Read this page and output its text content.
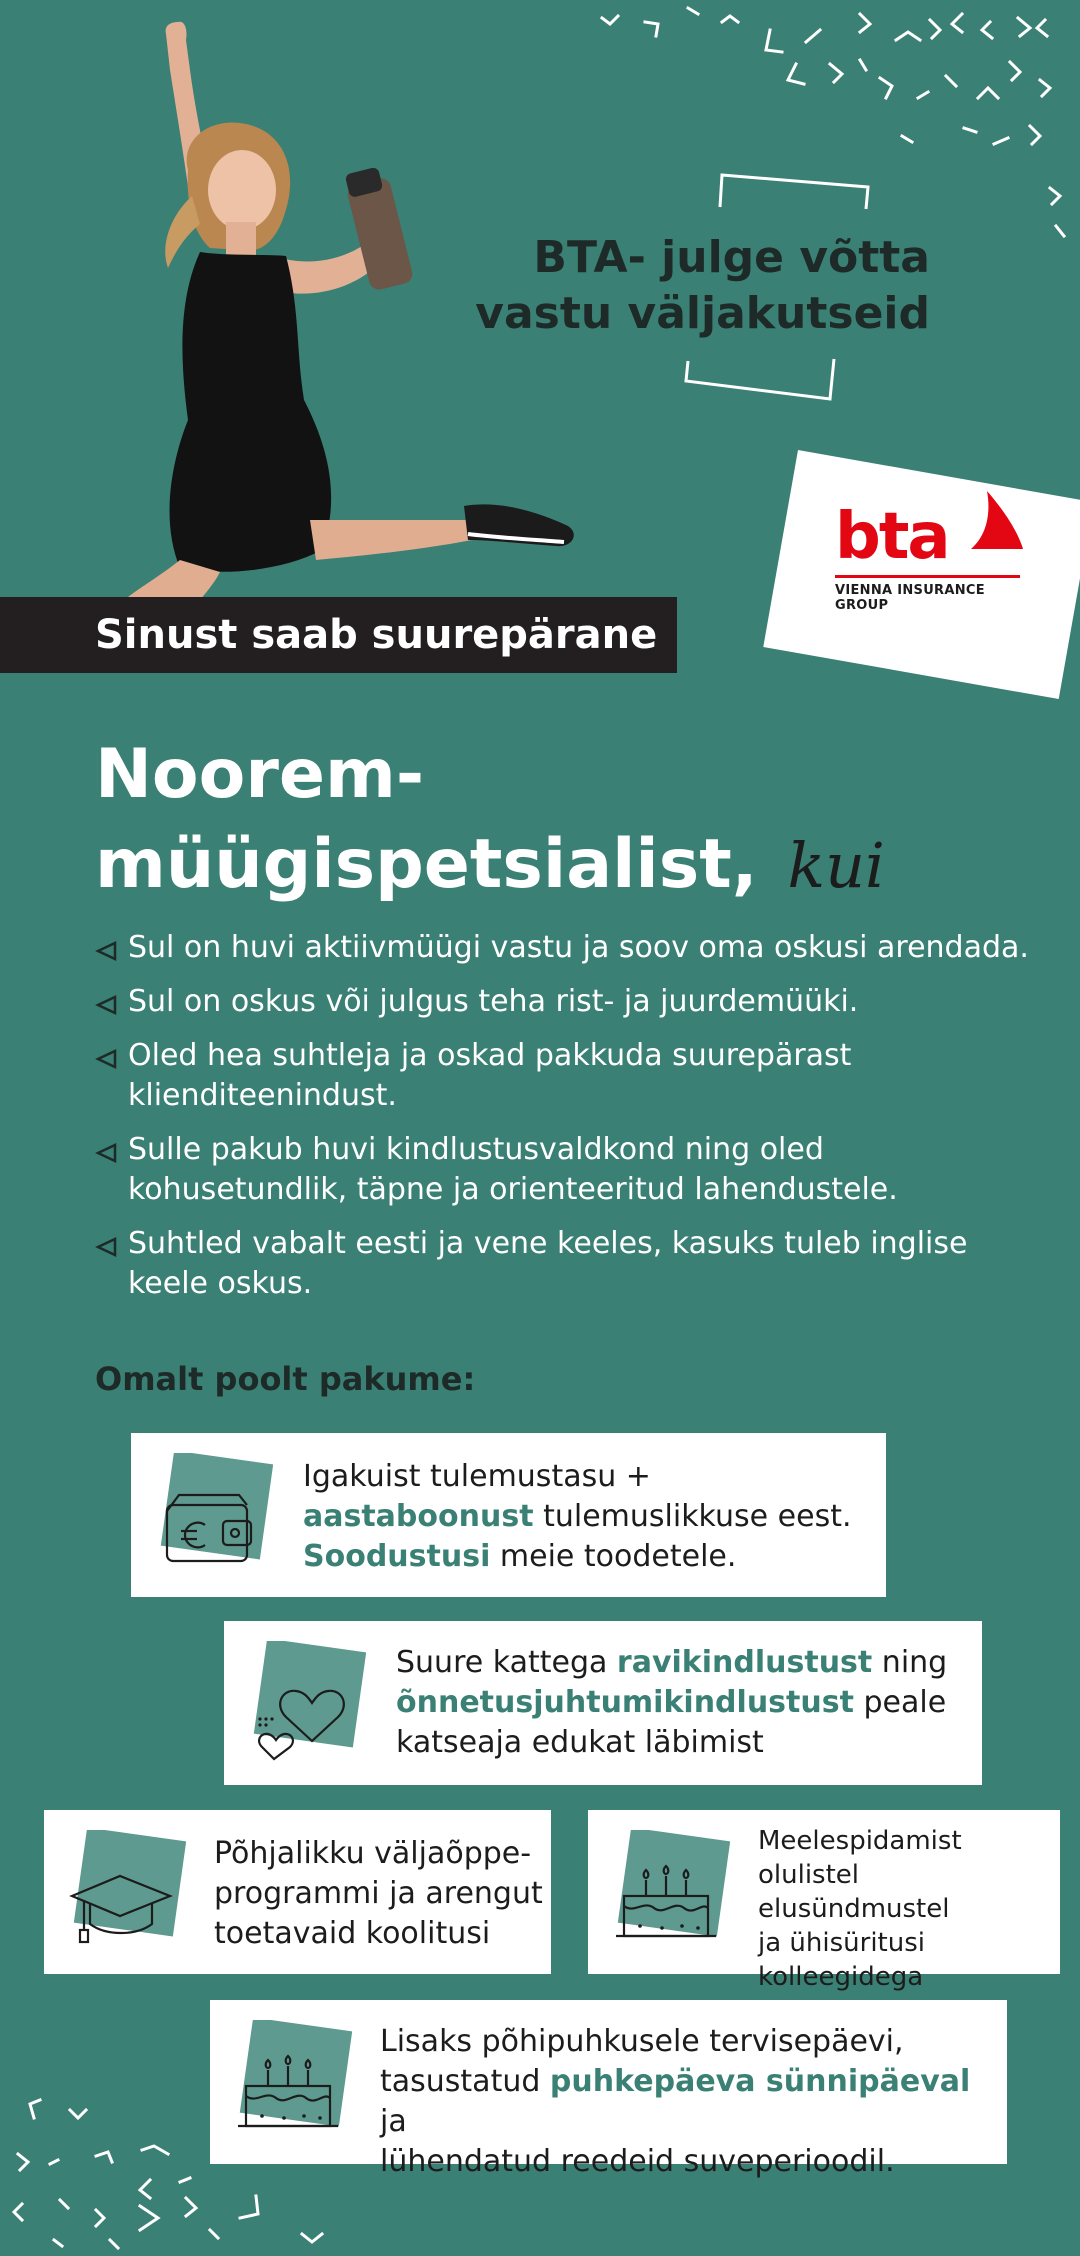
BTA- julge võtta
vastu väljakutseid
bta
VIENNA INSURANCE GROUP
Sinust saab suurepärane
Noorem-
müügispetsialist, kui
Sul on huvi aktiivmüügi vastu ja soov oma oskusi arendada.
Sul on oskus või julgus teha rist- ja juurdemüüki.
Oled hea suhtleja ja oskad pakkuda suurepärast
klienditeenindust.
Sulle pakub huvi kindlustusvaldkond ning oled
kohusetundlik, täpne ja orienteeritud lahendustele.
Suhtled vabalt eesti ja vene keeles, kasuks tuleb inglise
keele oskus.
Omalt poolt pakume:
Igakuist tulemustasu +
aastaboonust tulemuslikkuse eest.
Soodustusi meie toodetele.
Suure kattega ravikindlustust ning
õnnetusjuhtumikindlustust peale
katseaja edukat läbimist
Põhjalikku väljaõppe-
programmi ja arengut
toetavaid koolitusi
Meelespidamist
olulistel elusündmustel
ja ühisüritusi
kolleegidega
Lisaks põhipuhkusele tervisepäevi,
tasustatud puhkepäeva sünnipäeval ja
lühendatud reedeid suveperioodil.
